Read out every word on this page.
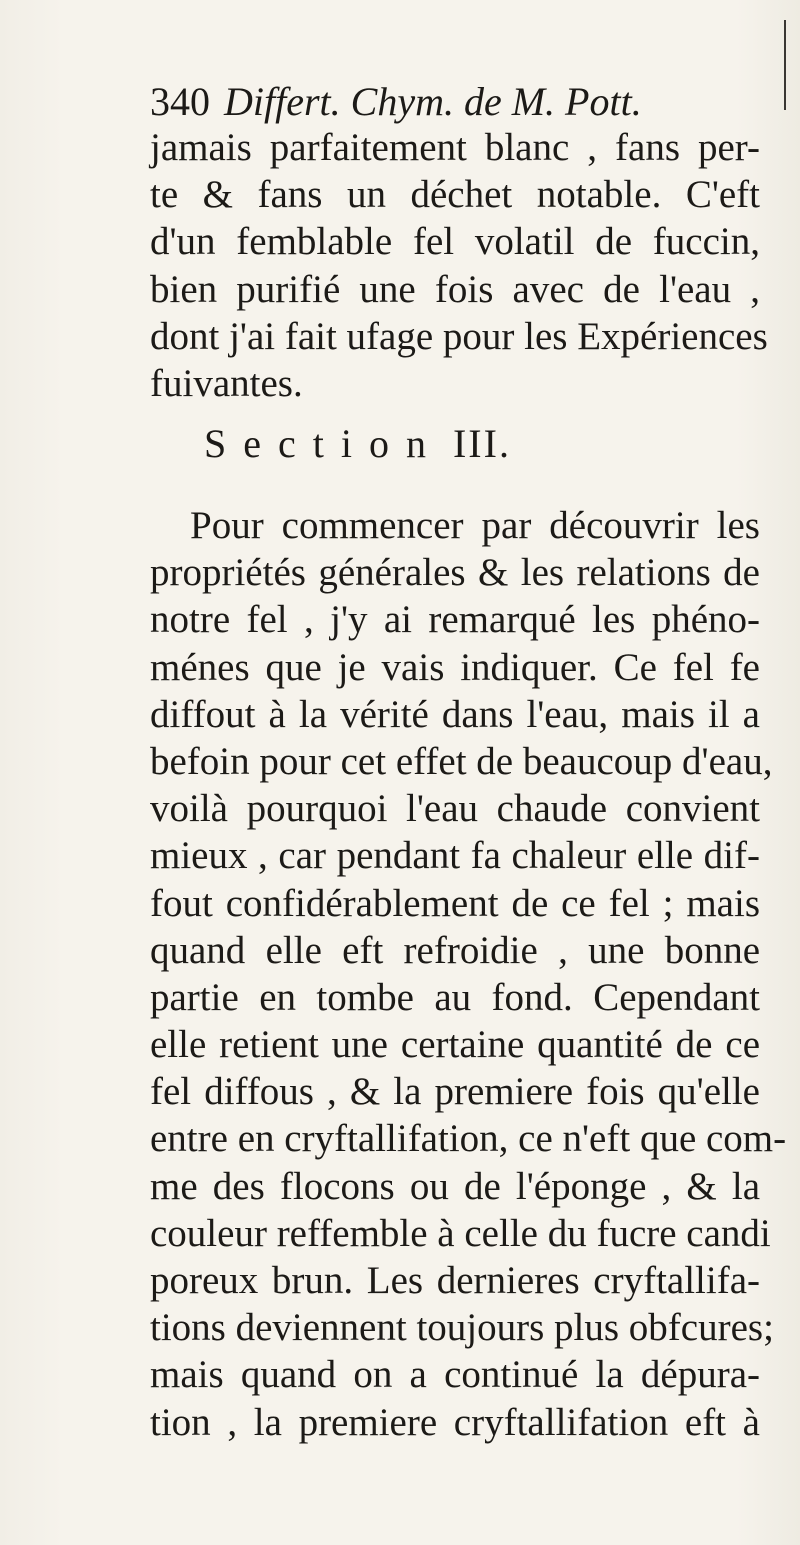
340 Differt. Chym. de M. Pott.
jamais parfaitement blanc , fans per-
te & fans un déchet notable. C'eft
d'un femblable fel volatil de fuccin,
bien purifié une fois avec de l'eau ,
dont j'ai fait ufage pour les Expériences
fuivantes.
Section III.
Pour commencer par découvrir les
propriétés générales & les relations de
notre fel , j'y ai remarqué les phéno-
ménes que je vais indiquer. Ce fel fe
diffout à la vérité dans l'eau, mais il a
befoin pour cet effet de beaucoup d'eau,
voilà pourquoi l'eau chaude convient
mieux , car pendant fa chaleur elle dif-
fout confidérablement de ce fel ; mais
quand elle eft refroidie , une bonne
partie en tombe au fond. Cependant
elle retient une certaine quantité de ce
fel diffous , & la premiere fois qu'elle
entre en cryftallifation, ce n'eft que com-
me des flocons ou de l'éponge , & la
couleur reffemble à celle du fucre candi
poreux brun. Les dernieres cryftallifa-
tions deviennent toujours plus obfcures;
mais quand on a continué la dépura-
tion , la premiere cryftallifation eft à
